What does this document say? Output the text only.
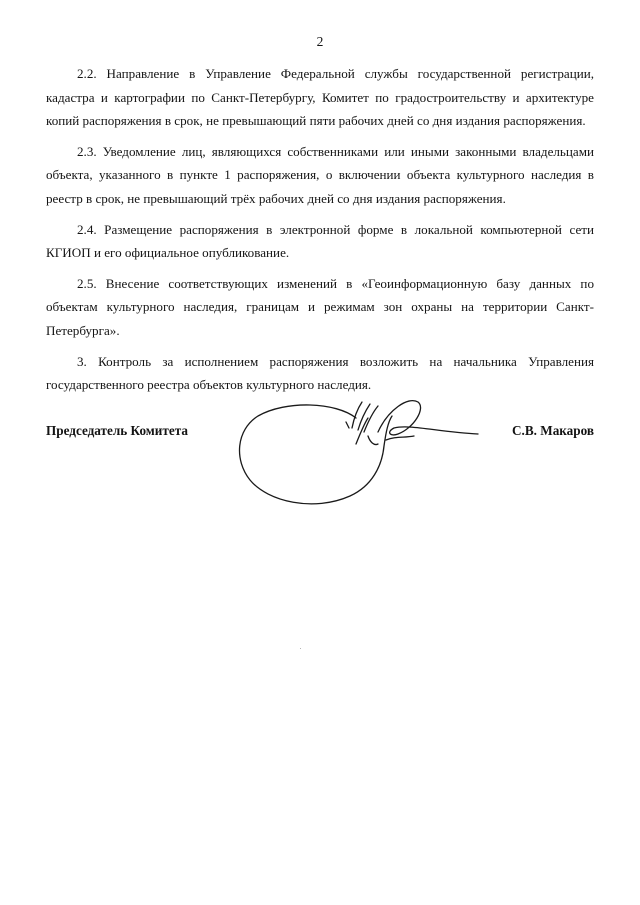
2

2.2. Направление в Управление Федеральной службы государственной регистрации, кадастра и картографии по Санкт-Петербургу, Комитет по градостроительству и архитектуре копий распоряжения в срок, не превышающий пяти рабочих дней со дня издания распоряжения.

2.3. Уведомление лиц, являющихся собственниками или иными законными владельцами объекта, указанного в пункте 1 распоряжения, о включении объекта культурного наследия в реестр в срок, не превышающий трёх рабочих дней со дня издания распоряжения.

2.4. Размещение распоряжения в электронной форме в локальной компьютерной сети КГИОП и его официальное опубликование.

2.5. Внесение соответствующих изменений в «Геоинформационную базу данных по объектам культурного наследия, границам и режимам зон охраны на территории Санкт-Петербурга».

3. Контроль за исполнением распоряжения возложить на начальника Управления государственного реестра объектов культурного наследия.

Председатель Комитета	С.В. Макаров
